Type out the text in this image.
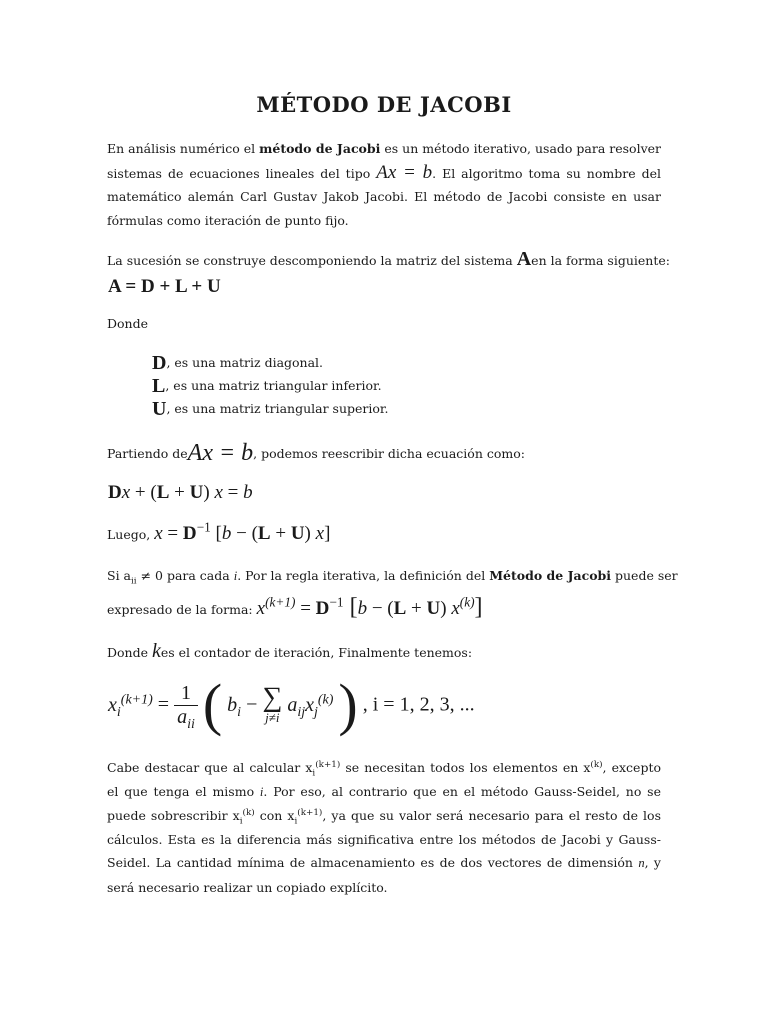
MÉTODO DE JACOBI
En análisis numérico el método de Jacobi es un método iterativo, usado para resolver sistemas de ecuaciones lineales del tipo Ax = b. El algoritmo toma su nombre del matemático alemán Carl Gustav Jakob Jacobi. El método de Jacobi consiste en usar fórmulas como iteración de punto fijo.
La sucesión se construye descomponiendo la matriz del sistema Aen la forma siguiente:
A = D + L + U
Donde
D, es una matriz diagonal.
L, es una matriz triangular inferior.
U, es una matriz triangular superior.
Partiendo deAx = b, podemos reescribir dicha ecuación como:
Dx + (L + U) x = b
Luego, $x = D^{-1}$ [b − (L + U) x]
Si $a_{ii} \ne 0$ para cada i. Por la regla iterativa, la definición del Método de Jacobi puede ser
expresado de la forma: $x^{(k+1)} = D^{-1}$ [b − (L + U) $x^{(k)}$]
Donde kes el contador de iteración, Finalmente tenemos:
$x_i^{(k+1)} = \frac{1}{a_{ii}}$ ( $b_i$ − ∑
j≠i
$a_{ij}x_j^{(k)}$ ) , i = 1, 2, 3, ...
Cabe destacar que al calcular $x_i^{(k+1)}$ se necesitan todos los elementos en $x^{(k)}$, excepto el que tenga el mismo i. Por eso, al contrario que en el método Gauss-Seidel, no se puede sobrescribir $x_i^{(k)}$ con $x_i^{(k+1)}$, ya que su valor será necesario para el resto de los cálculos. Esta es la diferencia más significativa entre los métodos de Jacobi y Gauss-Seidel. La cantidad mínima de almacenamiento es de dos vectores de dimensión n, y será necesario realizar un copiado explícito.
